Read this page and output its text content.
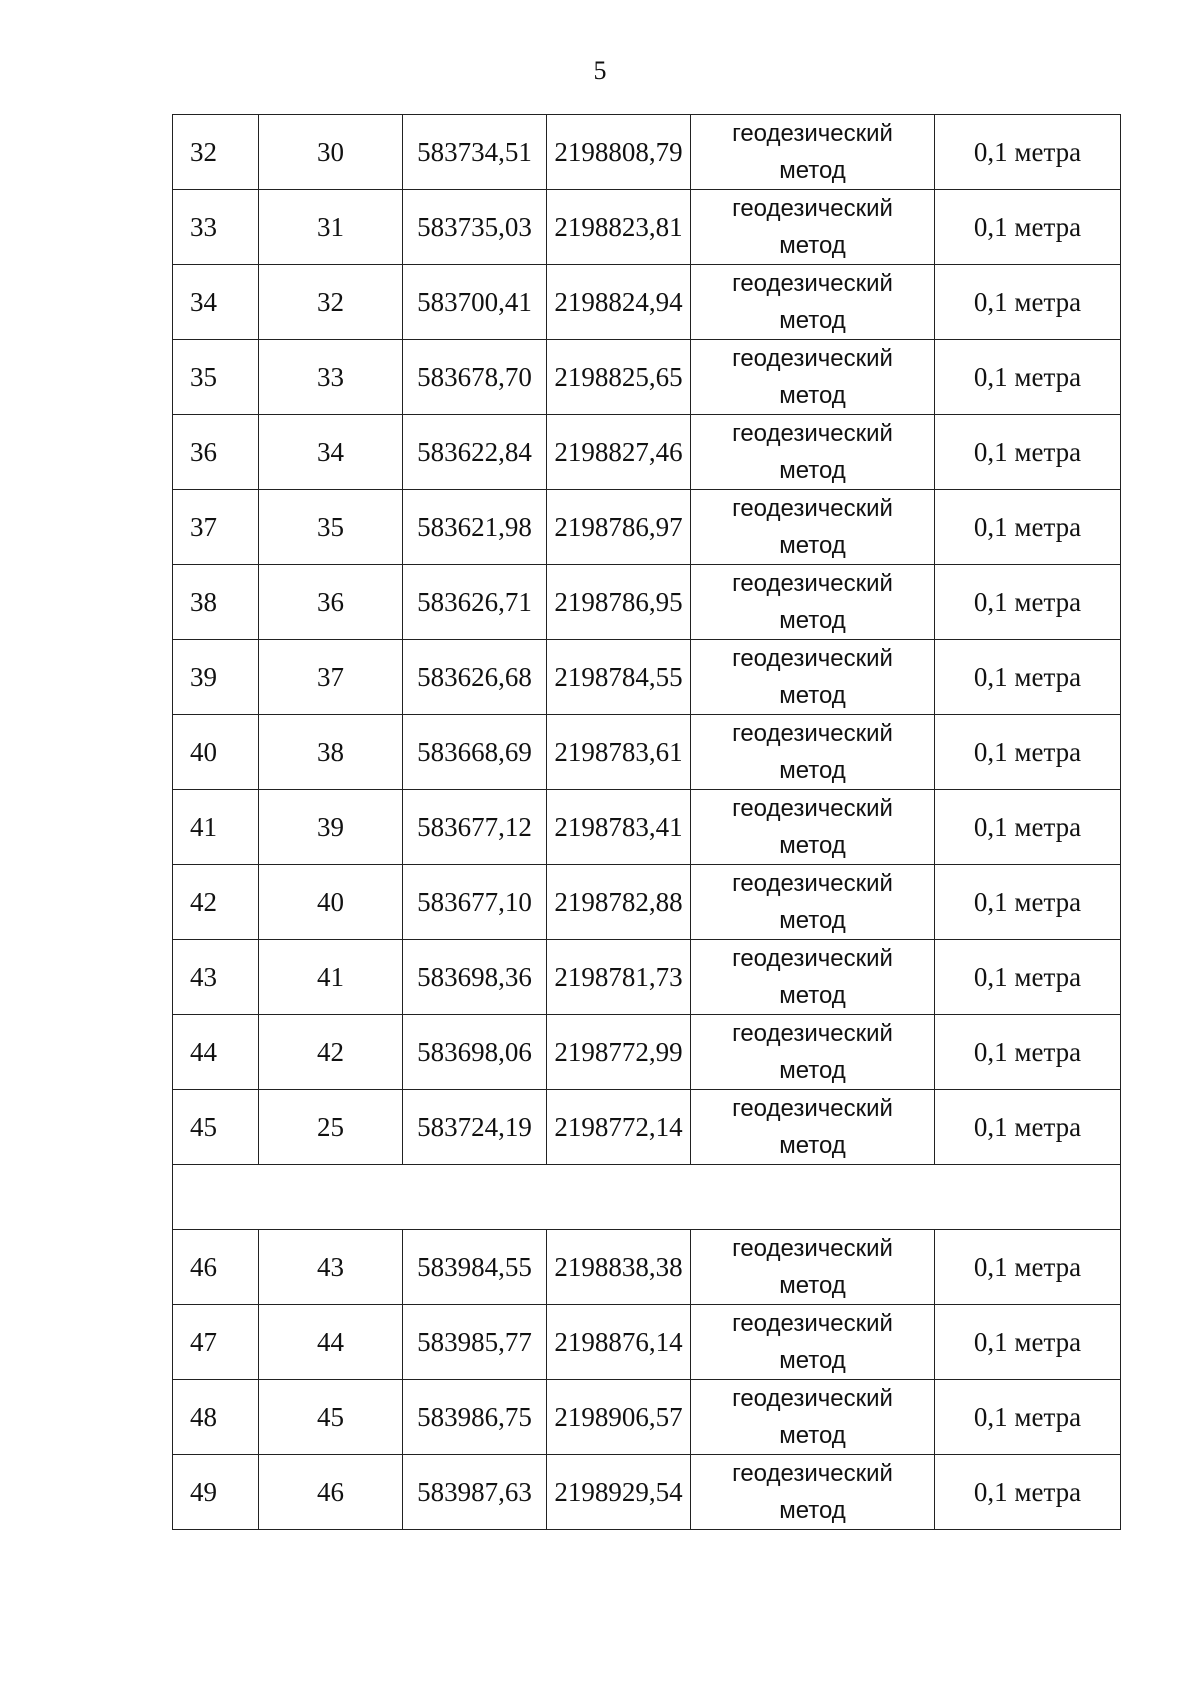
5
32	30	583734,51	2198808,79	геодезический
метод	0,1 метра
33	31	583735,03	2198823,81	геодезический
метод	0,1 метра
34	32	583700,41	2198824,94	геодезический
метод	0,1 метра
35	33	583678,70	2198825,65	геодезический
метод	0,1 метра
36	34	583622,84	2198827,46	геодезический
метод	0,1 метра
37	35	583621,98	2198786,97	геодезический
метод	0,1 метра
38	36	583626,71	2198786,95	геодезический
метод	0,1 метра
39	37	583626,68	2198784,55	геодезический
метод	0,1 метра
40	38	583668,69	2198783,61	геодезический
метод	0,1 метра
41	39	583677,12	2198783,41	геодезический
метод	0,1 метра
42	40	583677,10	2198782,88	геодезический
метод	0,1 метра
43	41	583698,36	2198781,73	геодезический
метод	0,1 метра
44	42	583698,06	2198772,99	геодезический
метод	0,1 метра
45	25	583724,19	2198772,14	геодезический
метод	0,1 метра

46	43	583984,55	2198838,38	геодезический
метод	0,1 метра
47	44	583985,77	2198876,14	геодезический
метод	0,1 метра
48	45	583986,75	2198906,57	геодезический
метод	0,1 метра
49	46	583987,63	2198929,54	геодезический
метод	0,1 метра
